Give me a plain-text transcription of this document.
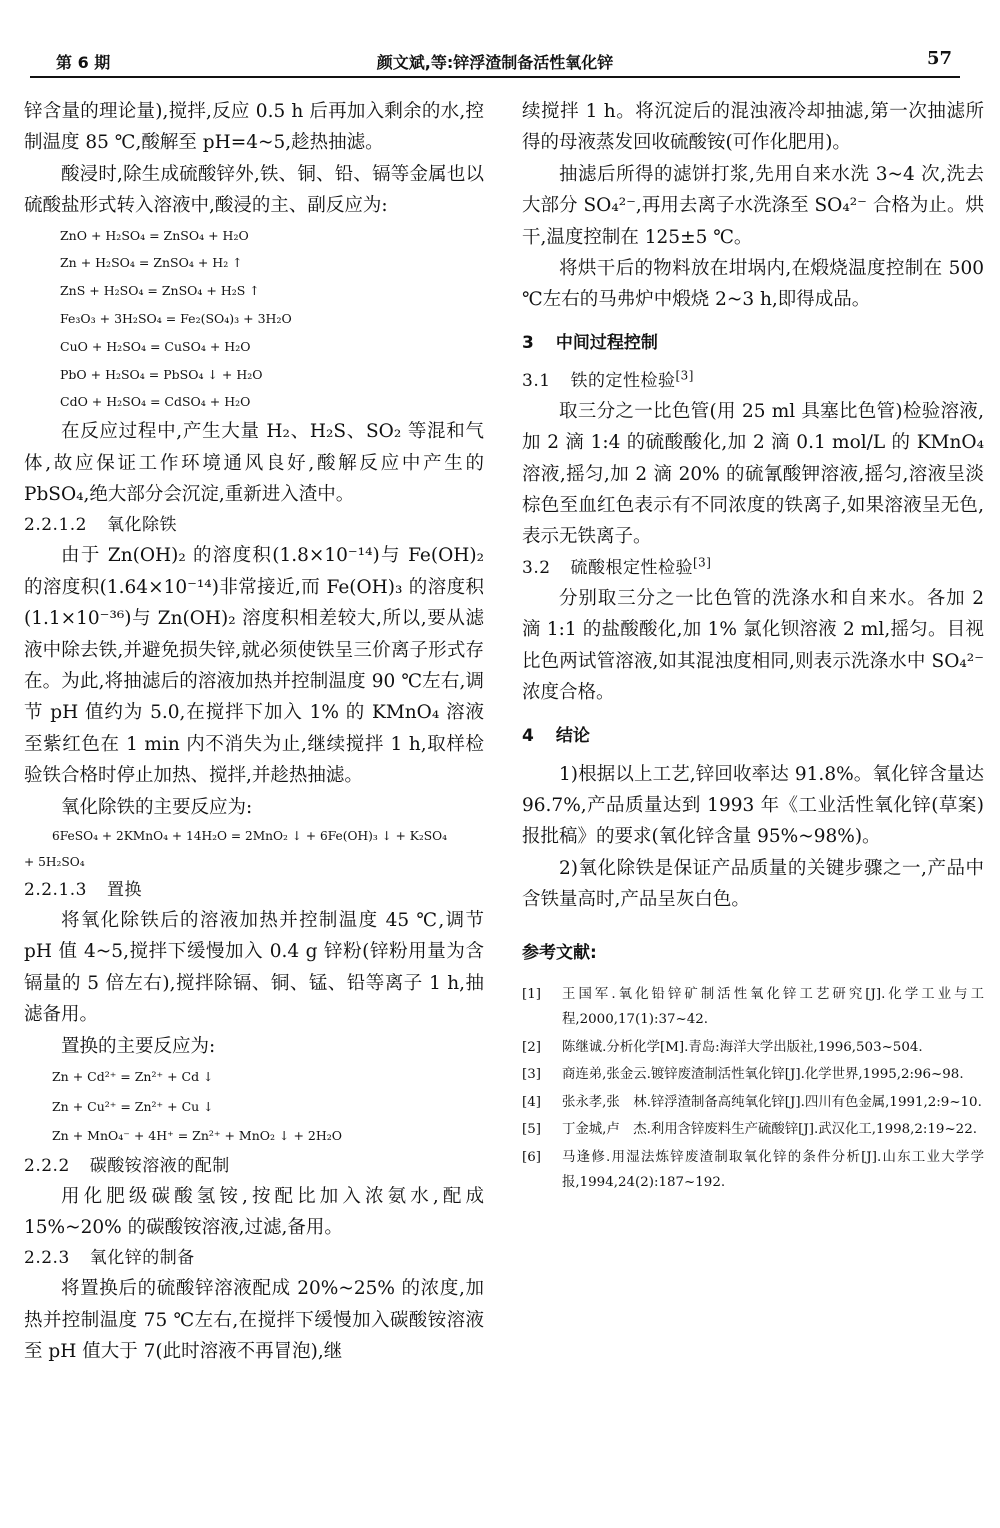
第 6 期	颜文斌,等:锌浮渣制备活性氧化锌	57

锌含量的理论量),搅拌,反应 0.5 h 后再加入剩余的水,控制温度 85 ℃,酸解至 pH=4~5,趁热抽滤。

酸浸时,除生成硫酸锌外,铁、铜、铅、镉等金属也以硫酸盐形式转入溶液中,酸浸的主、副反应为:

ZnO + H₂SO₄ = ZnSO₄ + H₂O
Zn + H₂SO₄ = ZnSO₄ + H₂ ↑
ZnS + H₂SO₄ = ZnSO₄ + H₂S ↑
Fe₃O₃ + 3H₂SO₄ = Fe₂(SO₄)₃ + 3H₂O
CuO + H₂SO₄ = CuSO₄ + H₂O
PbO + H₂SO₄ = PbSO₄ ↓ + H₂O
CdO + H₂SO₄ = CdSO₄ + H₂O

在反应过程中,产生大量 H₂、H₂S、SO₂ 等混和气体,故应保证工作环境通风良好,酸解反应中产生的 PbSO₄,绝大部分会沉淀,重新进入渣中。

2.2.1.2 氧化除铁

由于 Zn(OH)₂ 的溶度积(1.8×10⁻¹⁴)与 Fe(OH)₂ 的溶度积(1.64×10⁻¹⁴)非常接近,而 Fe(OH)₃ 的溶度积(1.1×10⁻³⁶)与 Zn(OH)₂ 溶度积相差较大,所以,要从滤液中除去铁,并避免损失锌,就必须使铁呈三价离子形式存在。为此,将抽滤后的溶液加热并控制温度 90 ℃左右,调节 pH 值约为 5.0,在搅拌下加入 1% 的 KMnO₄ 溶液至紫红色在 1 min 内不消失为止,继续搅拌 1 h,取样检验铁合格时停止加热、搅拌,并趁热抽滤。

氧化除铁的主要反应为:

6FeSO₄ + 2KMnO₄ + 14H₂O = 2MnO₂ ↓ + 6Fe(OH)₃ ↓ + K₂SO₄
+ 5H₂SO₄
2.2.1.3 置换

将氧化除铁后的溶液加热并控制温度 45 ℃,调节 pH 值 4~5,搅拌下缓慢加入 0.4 g 锌粉(锌粉用量为含镉量的 5 倍左右),搅拌除镉、铜、锰、铅等离子 1 h,抽滤备用。

置换的主要反应为:

Zn + Cd²⁺ = Zn²⁺ + Cd ↓
Zn + Cu²⁺ = Zn²⁺ + Cu ↓
Zn + MnO₄⁻ + 4H⁺ = Zn²⁺ + MnO₂ ↓ + 2H₂O
2.2.2 碳酸铵溶液的配制

用化肥级碳酸氢铵,按配比加入浓氨水,配成 15%~20% 的碳酸铵溶液,过滤,备用。

2.2.3 氧化锌的制备

将置换后的硫酸锌溶液配成 20%~25% 的浓度,加热并控制温度 75 ℃左右,在搅拌下缓慢加入碳酸铵溶液至 pH 值大于 7(此时溶液不再冒泡),继

续搅拌 1 h。将沉淀后的混浊液冷却抽滤,第一次抽滤所得的母液蒸发回收硫酸铵(可作化肥用)。

抽滤后所得的滤饼打浆,先用自来水洗 3~4 次,洗去大部分 SO₄²⁻,再用去离子水洗涤至 SO₄²⁻ 合格为止。烘干,温度控制在 125±5 ℃。

将烘干后的物料放在坩埚内,在煅烧温度控制在 500 ℃左右的马弗炉中煅烧 2~3 h,即得成品。

3 中间过程控制
3.1 铁的定性检验[3]

取三分之一比色管(用 25 ml 具塞比色管)检验溶液,加 2 滴 1:4 的硫酸酸化,加 2 滴 0.1 mol/L 的 KMnO₄ 溶液,摇匀,加 2 滴 20% 的硫氰酸钾溶液,摇匀,溶液呈淡棕色至血红色表示有不同浓度的铁离子,如果溶液呈无色,表示无铁离子。

3.2 硫酸根定性检验[3]

分别取三分之一比色管的洗涤水和自来水。各加 2 滴 1:1 的盐酸酸化,加 1% 氯化钡溶液 2 ml,摇匀。目视比色两试管溶液,如其混浊度相同,则表示洗涤水中 SO₄²⁻ 浓度合格。

4 结论

1)根据以上工艺,锌回收率达 91.8%。氧化锌含量达 96.7%,产品质量达到 1993 年《工业活性氧化锌(草案)报批稿》的要求(氧化锌含量 95%~98%)。

2)氧化除铁是保证产品质量的关键步骤之一,产品中含铁量高时,产品呈灰白色。

参考文献:
[1] 王国军.氧化铅锌矿制活性氧化锌工艺研究[J].化学工业与工程,2000,17(1):37~42.
[2] 陈继诚.分析化学[M].青岛:海洋大学出版社,1996,503~504.
[3] 商连弟,张金云.镀锌废渣制活性氧化锌[J].化学世界,1995,2:96~98.
[4] 张永孝,张　林.锌浮渣制备高纯氧化锌[J].四川有色金属,1991,2:9~10.
[5] 丁金城,卢　杰.利用含锌废料生产硫酸锌[J].武汉化工,1998,2:19~22.
[6] 马逢修.用湿法炼锌废渣制取氧化锌的条件分析[J].山东工业大学学报,1994,24(2):187~192.
